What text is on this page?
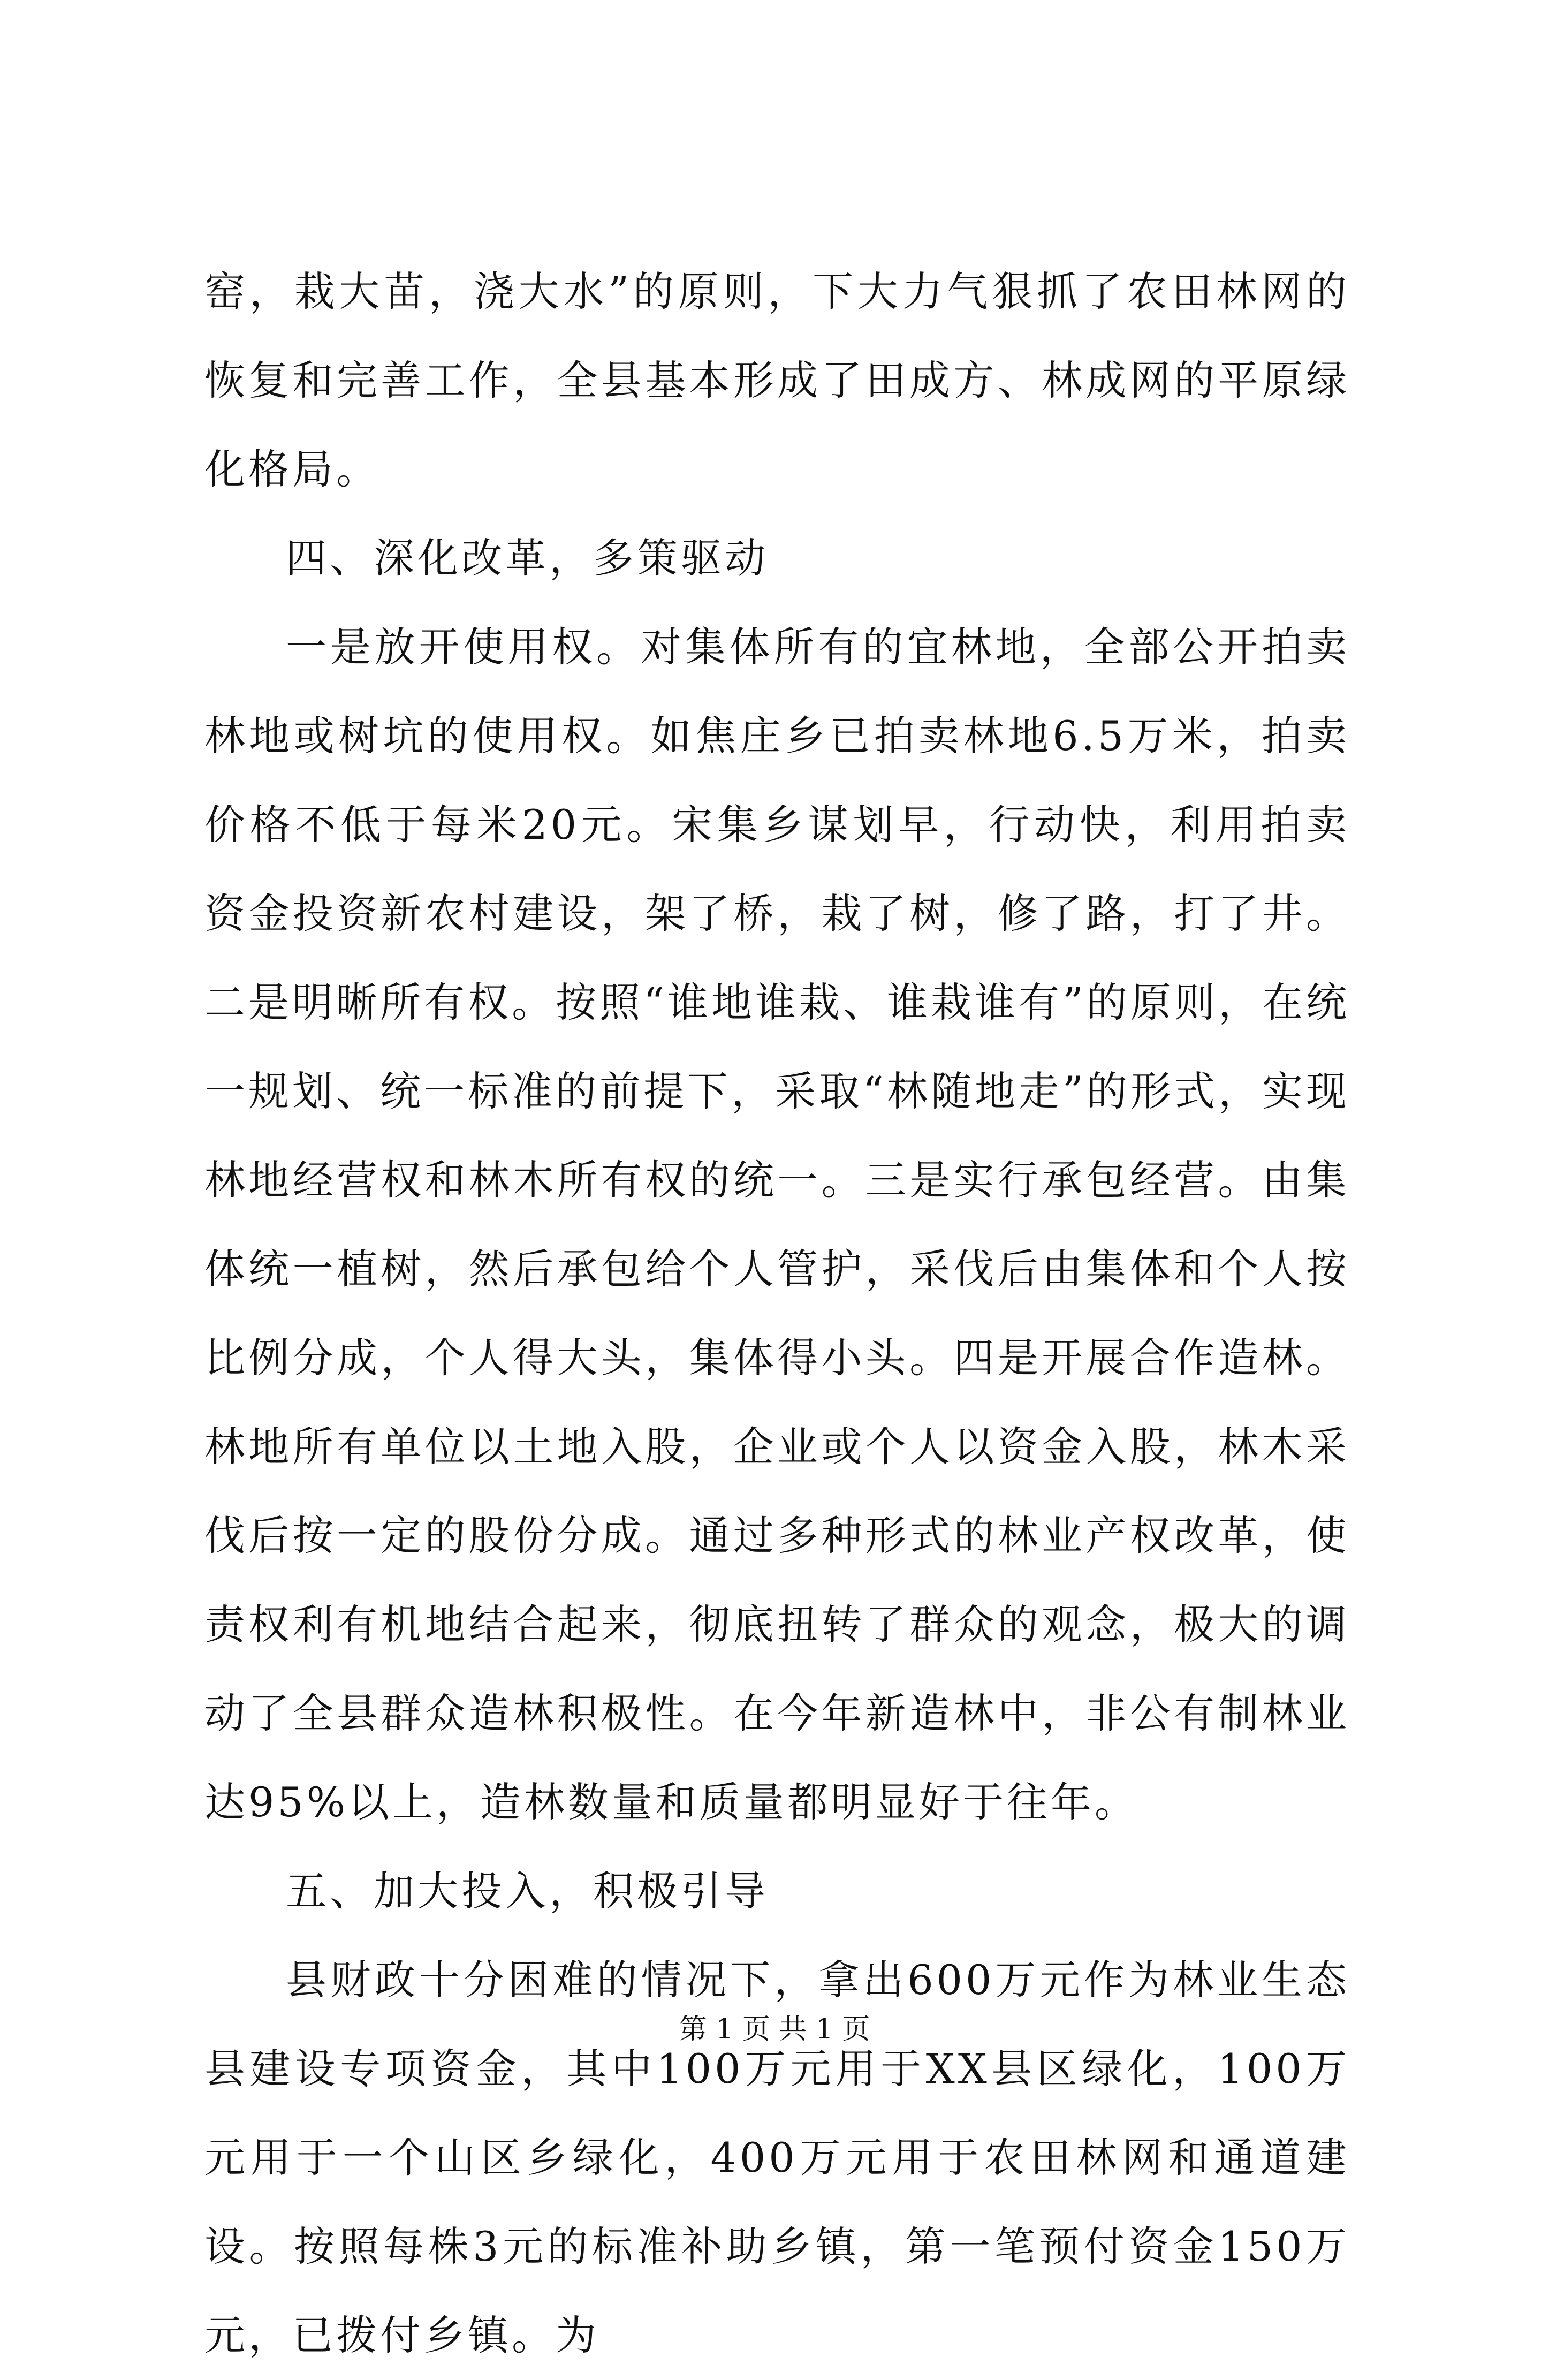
窑，栽大苗，浇大水”的原则，下大力气狠抓了农田林网的恢复和完善工作，全县基本形成了田成方、林成网的平原绿化格局。

四、深化改革，多策驱动

一是放开使用权。对集体所有的宜林地，全部公开拍卖林地或树坑的使用权。如焦庄乡已拍卖林地6.5万米，拍卖价格不低于每米20元。宋集乡谋划早，行动快，利用拍卖资金投资新农村建设，架了桥，栽了树，修了路，打了井。二是明晰所有权。按照“谁地谁栽、谁栽谁有”的原则，在统一规划、统一标准的前提下，采取“林随地走”的形式，实现林地经营权和林木所有权的统一。三是实行承包经营。由集体统一植树，然后承包给个人管护，采伐后由集体和个人按比例分成，个人得大头，集体得小头。四是开展合作造林。林地所有单位以土地入股，企业或个人以资金入股，林木采伐后按一定的股份分成。通过多种形式的林业产权改革，使责权利有机地结合起来，彻底扭转了群众的观念，极大的调动了全县群众造林积极性。在今年新造林中，非公有制林业达95%以上，造林数量和质量都明显好于往年。

五、加大投入，积极引导

县财政十分困难的情况下，拿出600万元作为林业生态县建设专项资金，其中100万元用于XX县区绿化，100万元用于一个山区乡绿化，400万元用于农田林网和通道建设。按照每株3元的标准补助乡镇，第一笔预付资金150万元，已拨付乡镇。为

第 1 页 共 1 页
